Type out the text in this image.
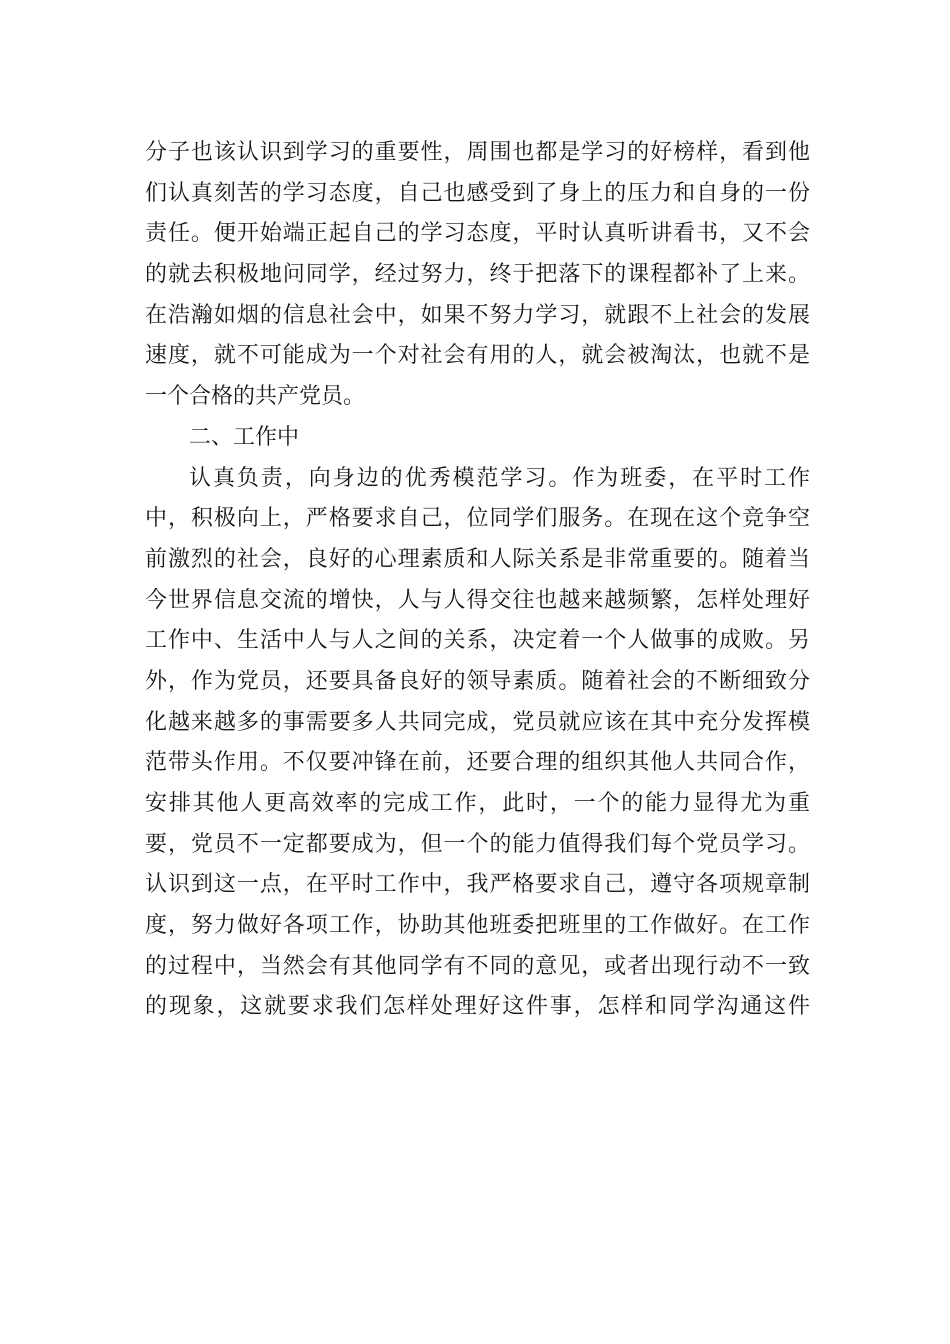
分子也该认识到学习的重要性，周围也都是学习的好榜样，看到他
们认真刻苦的学习态度，自己也感受到了身上的压力和自身的一份
责任。便开始端正起自己的学习态度，平时认真听讲看书，又不会
的就去积极地问同学，经过努力，终于把落下的课程都补了上来。
在浩瀚如烟的信息社会中，如果不努力学习，就跟不上社会的发展
速度，就不可能成为一个对社会有用的人，就会被淘汰，也就不是
一个合格的共产党员。
二、工作中
认真负责，向身边的优秀模范学习。作为班委，在平时工作
中，积极向上，严格要求自己，位同学们服务。在现在这个竞争空
前激烈的社会，良好的心理素质和人际关系是非常重要的。随着当
今世界信息交流的增快，人与人得交往也越来越频繁，怎样处理好
工作中、生活中人与人之间的关系，决定着一个人做事的成败。另
外，作为党员，还要具备良好的领导素质。随着社会的不断细致分
化越来越多的事需要多人共同完成，党员就应该在其中充分发挥模
范带头作用。不仅要冲锋在前，还要合理的组织其他人共同合作，
安排其他人更高效率的完成工作，此时，一个的能力显得尤为重
要，党员不一定都要成为，但一个的能力值得我们每个党员学习。
认识到这一点，在平时工作中，我严格要求自己，遵守各项规章制
度，努力做好各项工作，协助其他班委把班里的工作做好。在工作
的过程中，当然会有其他同学有不同的意见，或者出现行动不一致
的现象，这就要求我们怎样处理好这件事，怎样和同学沟通这件
